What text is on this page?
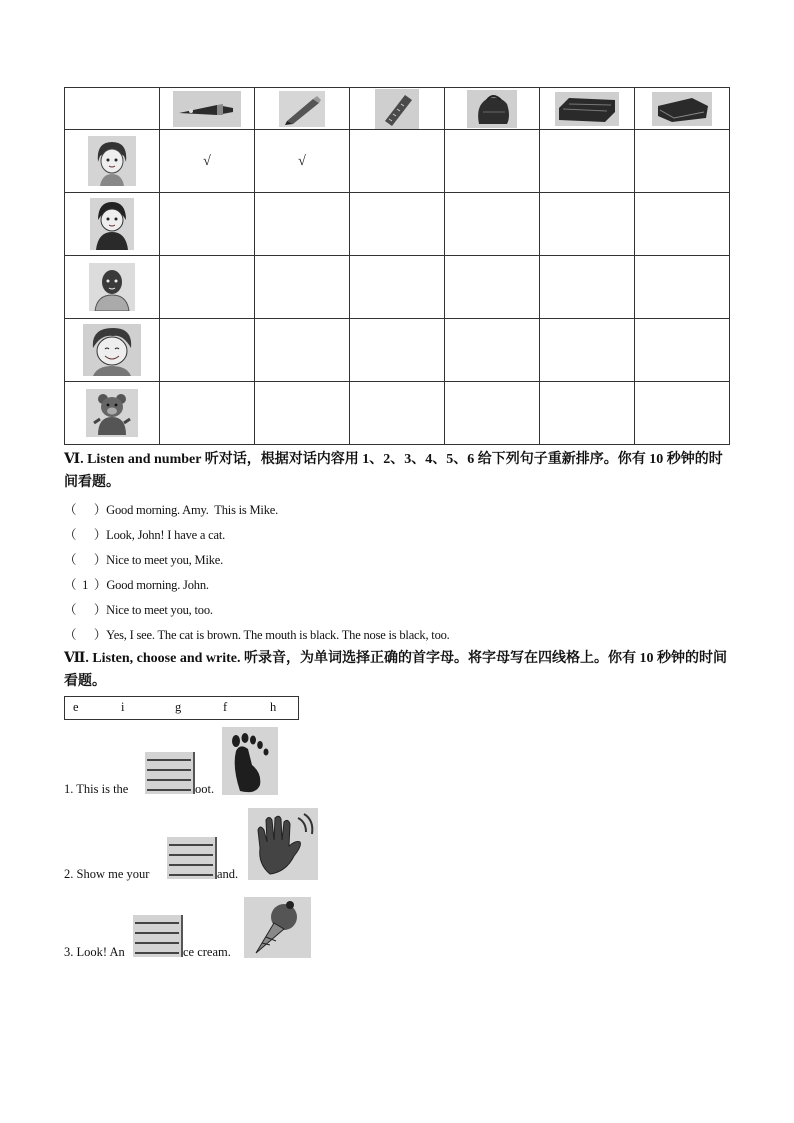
	√	√				

Ⅵ. Listen and number 听对话，根据对话内容用 1、2、3、4、5、6 给下列句子重新排序。你有 10 秒钟的时间看题。
（      ）Good morning. Amy.  This is Mike.
（      ）Look, John! I have a cat.
（      ）Nice to meet you, Mike.
（  1  ）Good morning. John.
（      ）Nice to meet you, too.
（      ）Yes, I see. The cat is brown. The mouth is black. The nose is black, too.
Ⅶ. Listen, choose and write. 听录音，为单词选择正确的首字母。将字母写在四线格上。你有 10 秒钟的时间看题。
e	i	g	f	h
1. This is the	oot.
2. Show me your	and.
3. Look! An	ce cream.
